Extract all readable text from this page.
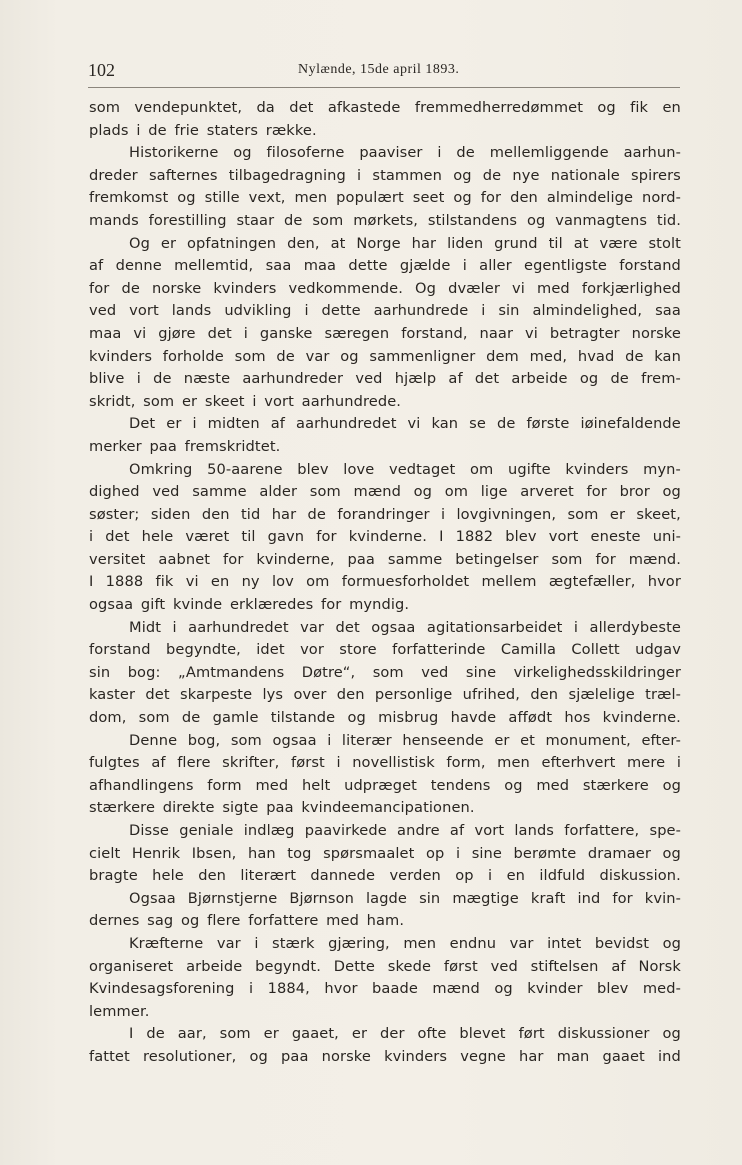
102	Nylænde, 15de april 1893.
som vendepunktet, da det afkastede fremmedherredømmet og fik en
plads i de frie staters række.
Historikerne og filosoferne paaviser i de mellemliggende aarhun-
dreder safternes tilbagedragning i stammen og de nye nationale spirers
fremkomst og stille vext, men populært seet og for den almindelige nord-
mands forestilling staar de som mørkets, stilstandens og vanmagtens tid.
Og er opfatningen den, at Norge har liden grund til at være stolt
af denne mellemtid, saa maa dette gjælde i aller egentligste forstand
for de norske kvinders vedkommende. Og dvæler vi med forkjærlighed
ved vort lands udvikling i dette aarhundrede i sin almindelighed, saa
maa vi gjøre det i ganske særegen forstand, naar vi betragter norske
kvinders forholde som de var og sammenligner dem med, hvad de kan
blive i de næste aarhundreder ved hjælp af det arbeide og de frem-
skridt, som er skeet i vort aarhundrede.
Det er i midten af aarhundredet vi kan se de første iøinefaldende
merker paa fremskridtet.
Omkring 50-aarene blev love vedtaget om ugifte kvinders myn-
dighed ved samme alder som mænd og om lige arveret for bror og
søster; siden den tid har de forandringer i lovgivningen, som er skeet,
i det hele været til gavn for kvinderne. I 1882 blev vort eneste uni-
versitet aabnet for kvinderne, paa samme betingelser som for mænd.
I 1888 fik vi en ny lov om formuesforholdet mellem ægtefæller, hvor
ogsaa gift kvinde erklæredes for myndig.
Midt i aarhundredet var det ogsaa agitationsarbeidet i allerdybeste
forstand begyndte, idet vor store forfatterinde Camilla Collett udgav
sin bog: „Amtmandens Døtre“, som ved sine virkelighedsskildringer
kaster det skarpeste lys over den personlige ufrihed, den sjælelige træl-
dom, som de gamle tilstande og misbrug havde affødt hos kvinderne.
Denne bog, som ogsaa i literær henseende er et monument, efter-
fulgtes af flere skrifter, først i novellistisk form, men efterhvert mere i
afhandlingens form med helt udpræget tendens og med stærkere og
stærkere direkte sigte paa kvindeemancipationen.
Disse geniale indlæg paavirkede andre af vort lands forfattere, spe-
cielt Henrik Ibsen, han tog spørsmaalet op i sine berømte dramaer og
bragte hele den literært dannede verden op i en ildfuld diskussion.
Ogsaa Bjørnstjerne Bjørnson lagde sin mægtige kraft ind for kvin-
dernes sag og flere forfattere med ham.
Kræfterne var i stærk gjæring, men endnu var intet bevidst og
organiseret arbeide begyndt. Dette skede først ved stiftelsen af Norsk
Kvindesagsforening i 1884, hvor baade mænd og kvinder blev med-
lemmer.
I de aar, som er gaaet, er der ofte blevet ført diskussioner og
fattet resolutioner, og paa norske kvinders vegne har man gaaet ind
